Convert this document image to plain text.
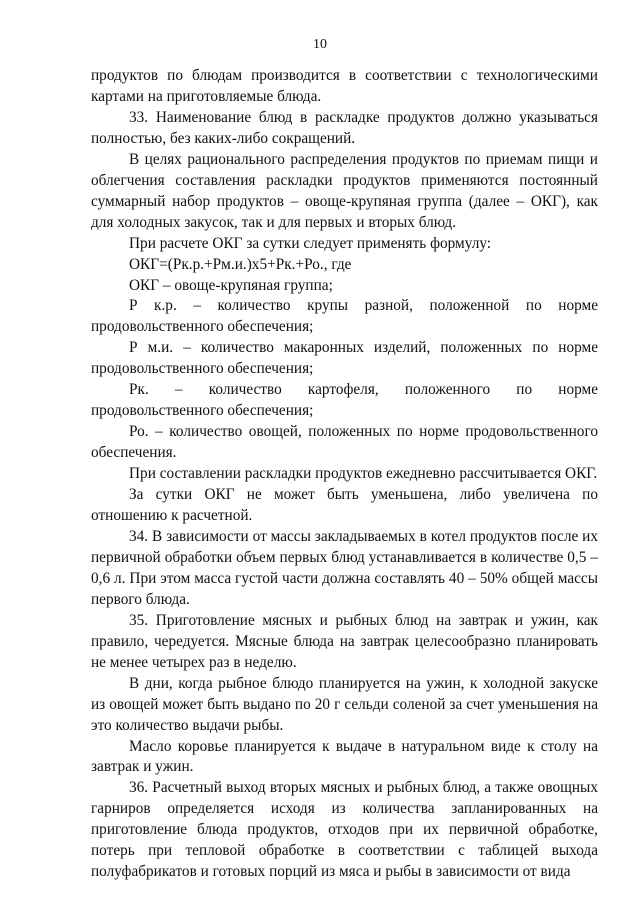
10

продуктов по блюдам производится в соответствии с технологическими картами на приготовляемые блюда.

33. Наименование блюд в раскладке продуктов должно указываться полностью, без каких-либо сокращений.

В целях рационального распределения продуктов по приемам пищи и облегчения составления раскладки продуктов применяются постоянный суммарный набор продуктов – овоще-крупяная группа (далее – ОКГ), как для холодных закусок, так и для первых и вторых блюд.

При расчете ОКГ за сутки следует применять формулу:

ОКГ=(Рк.р.+Рм.и.)х5+Рк.+Ро., где

ОКГ – овоще-крупяная группа;

Р к.р. – количество крупы разной, положенной по норме продовольственного обеспечения;

Р м.и. – количество макаронных изделий, положенных по норме продовольственного обеспечения;

Рк. – количество картофеля, положенного по норме продовольственного обеспечения;

Ро. – количество овощей, положенных по норме продовольственного обеспечения.

При составлении раскладки продуктов ежедневно рассчитывается ОКГ.

За сутки ОКГ не может быть уменьшена, либо увеличена по отношению к расчетной.

34. В зависимости от массы закладываемых в котел продуктов после их первичной обработки объем первых блюд устанавливается в количестве 0,5 – 0,6 л. При этом масса густой части должна составлять 40 – 50% общей массы первого блюда.

35. Приготовление мясных и рыбных блюд на завтрак и ужин, как правило, чередуется. Мясные блюда на завтрак целесообразно планировать не менее четырех раз в неделю.

В дни, когда рыбное блюдо планируется на ужин, к холодной закуске из овощей может быть выдано по 20 г сельди соленой за счет уменьшения на это количество выдачи рыбы.

Масло коровье планируется к выдаче в натуральном виде к столу на завтрак и ужин.

36. Расчетный выход вторых мясных и рыбных блюд, а также овощных гарниров определяется исходя из количества запланированных на приготовление блюда продуктов, отходов при их первичной обработке, потерь при тепловой обработке в соответствии с таблицей выхода полуфабрикатов и готовых порций из мяса и рыбы в зависимости от вида
